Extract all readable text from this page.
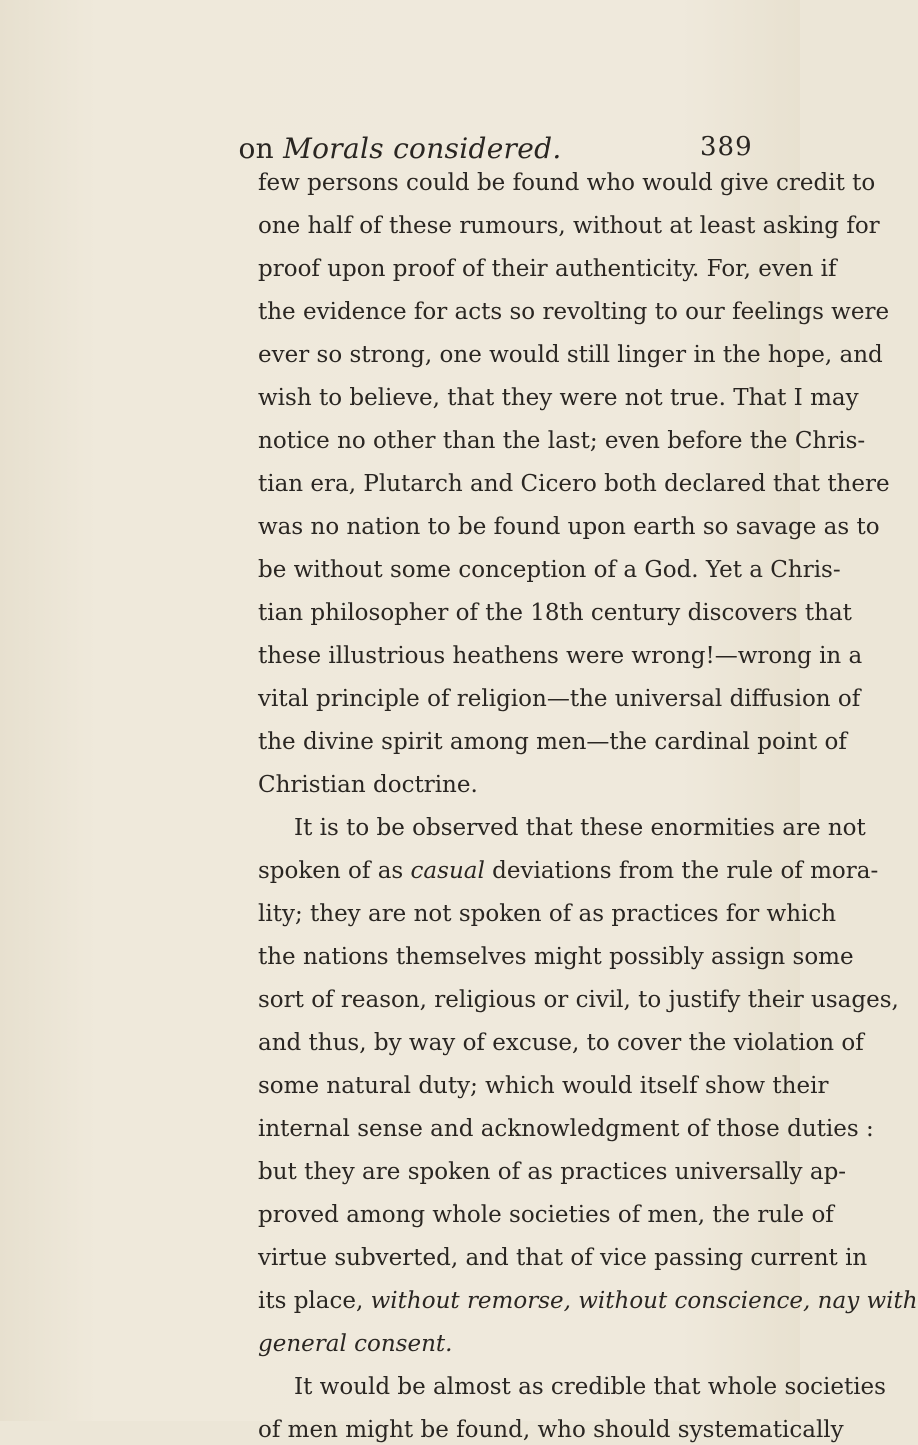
on Morals considered.	389
few persons could be found who would give credit to
one half of these rumours, without at least asking for
proof upon proof of their authenticity. For, even if
the evidence for acts so revolting to our feelings were
ever so strong, one would still linger in the hope, and
wish to believe, that they were not true. That I may
notice no other than the last; even before the Chris-
tian era, Plutarch and Cicero both declared that there
was no nation to be found upon earth so savage as to
be without some conception of a God. Yet a Chris-
tian philosopher of the 18th century discovers that
these illustrious heathens were wrong!—wrong in a
vital principle of religion—the universal diffusion of
the divine spirit among men—the cardinal point of
Christian doctrine.
It is to be observed that these enormities are not
lity; they are not spoken of as practices for which
the nations themselves might possibly assign some
sort of reason, religious or civil, to justify their usages,
and thus, by way of excuse, to cover the violation of
some natural duty; which would itself show their
internal sense and acknowledgment of those duties :
but they are spoken of as practices universally ap-
proved among whole societies of men, the rule of
virtue subverted, and that of vice passing current in
It would be almost as credible that whole societies
of men might be found, who should systematically
spoken of as casual deviations from the rule of mora-
its place, without remorse, without conscience, nay with
general consent.
